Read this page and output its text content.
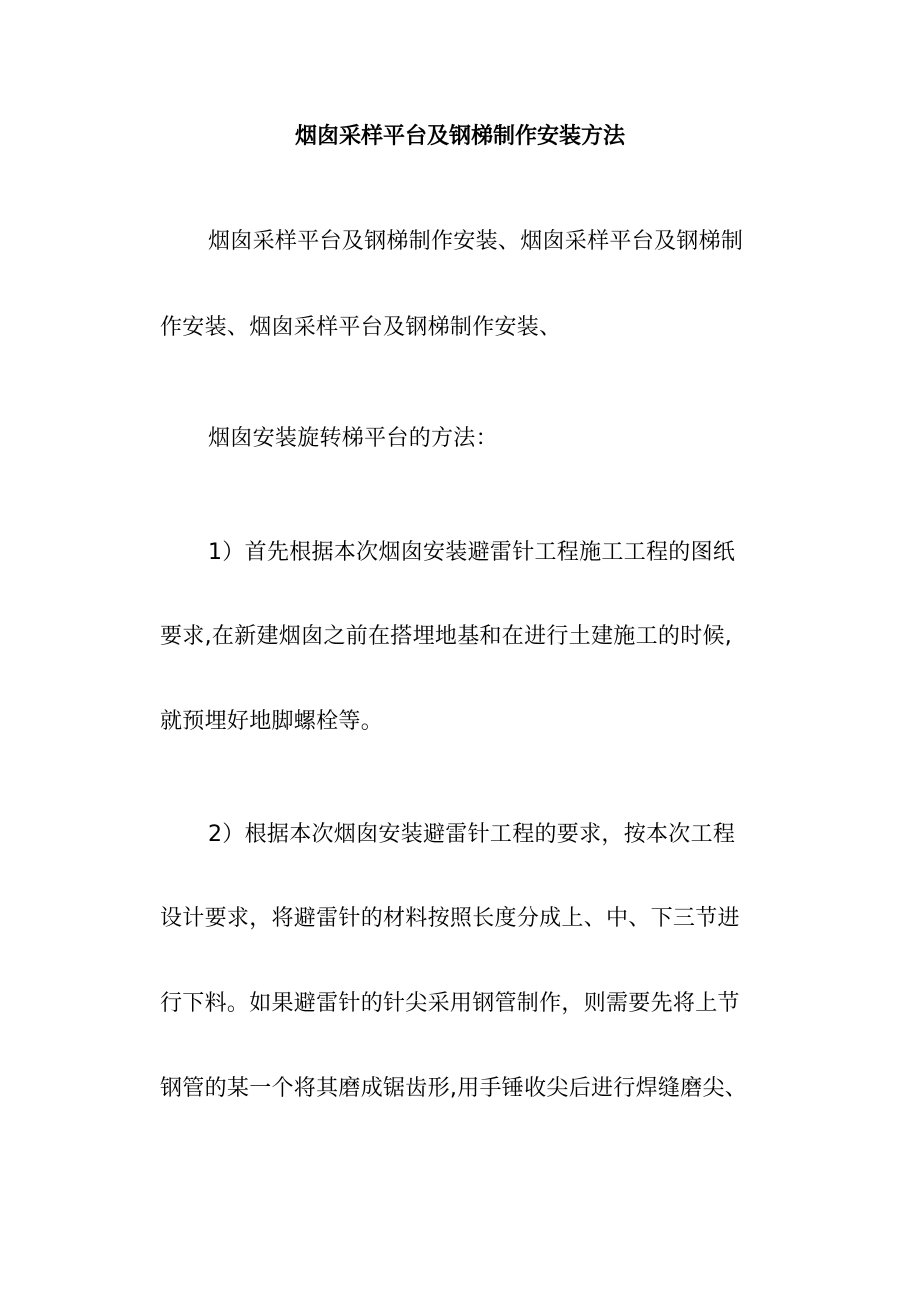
烟囱采样平台及钢梯制作安装方法
烟囱采样平台及钢梯制作安装、烟囱采样平台及钢梯制
作安装、烟囱采样平台及钢梯制作安装、
烟囱安装旋转梯平台的方法：
1）首先根据本次烟囱安装避雷针工程施工工程的图纸
要求,在新建烟囱之前在搭埋地基和在进行土建施工的时候,
就预埋好地脚螺栓等。
2）根据本次烟囱安装避雷针工程的要求，按本次工程
设计要求，将避雷针的材料按照长度分成上、中、下三节进
行下料。如果避雷针的针尖采用钢管制作，则需要先将上节
钢管的某一个将其磨成锯齿形,用手锤收尖后进行焊缝磨尖、
